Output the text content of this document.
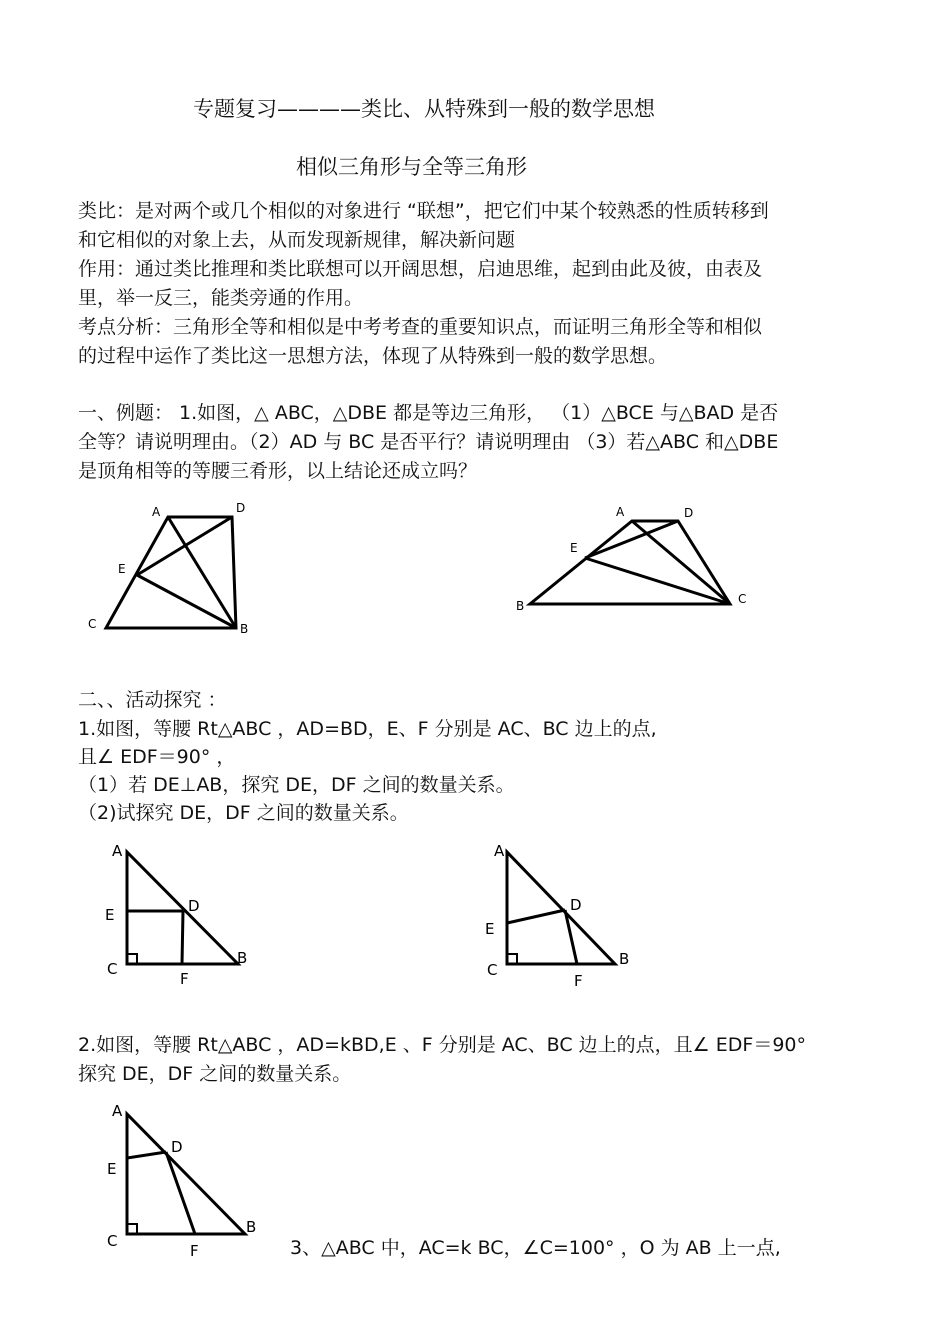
专题复习————类比、从特殊到一般的数学思想
相似三角形与全等三角形
类比：是对两个或几个相似的对象进行 “联想”，把它们中某个较熟悉的性质转移到
和它相似的对象上去，从而发现新规律，解决新问题
作用：通过类比推理和类比联想可以开阔思想，启迪思维，起到由此及彼，由表及
里，举一反三，能类旁通的作用。
考点分析：三角形全等和相似是中考考查的重要知识点，而证明三角形全等和相似
的过程中运作了类比这一思想方法，体现了从特殊到一般的数学思想。
一、例题： 1.如图，△ ABC，△DBE 都是等边三角形， （1）△BCE 与△BAD 是否
全等？请说明理由。（2）AD 与 BC 是否平行？请说明理由 （3）若△ABC 和△DBE
是顶角相等的等腰三肴形，以上结论还成立吗？
A	D
E
C	B
A	D
E
B	C
二、、活动探究 ：
1.如图，等腰 Rt△ABC ，AD=BD，E、F 分别是 AC、BC 边上的点,
且∠ EDF＝90° ，
（1）若 DE⊥AB，探究 DE，DF 之间的数量关系。
（2)试探究 DE，DF 之间的数量关系。
A
D
E
C
F
B
A
D
E
C
F
B
2.如图，等腰 Rt△ABC ，AD=kBD,E 、F 分别是 AC、BC 边上的点，且∠ EDF＝90°
探究 DE，DF 之间的数量关系。
A
D
E
C
F
B
3、△ABC 中，AC=k BC，∠C=100° ，O 为 AB 上一点,
